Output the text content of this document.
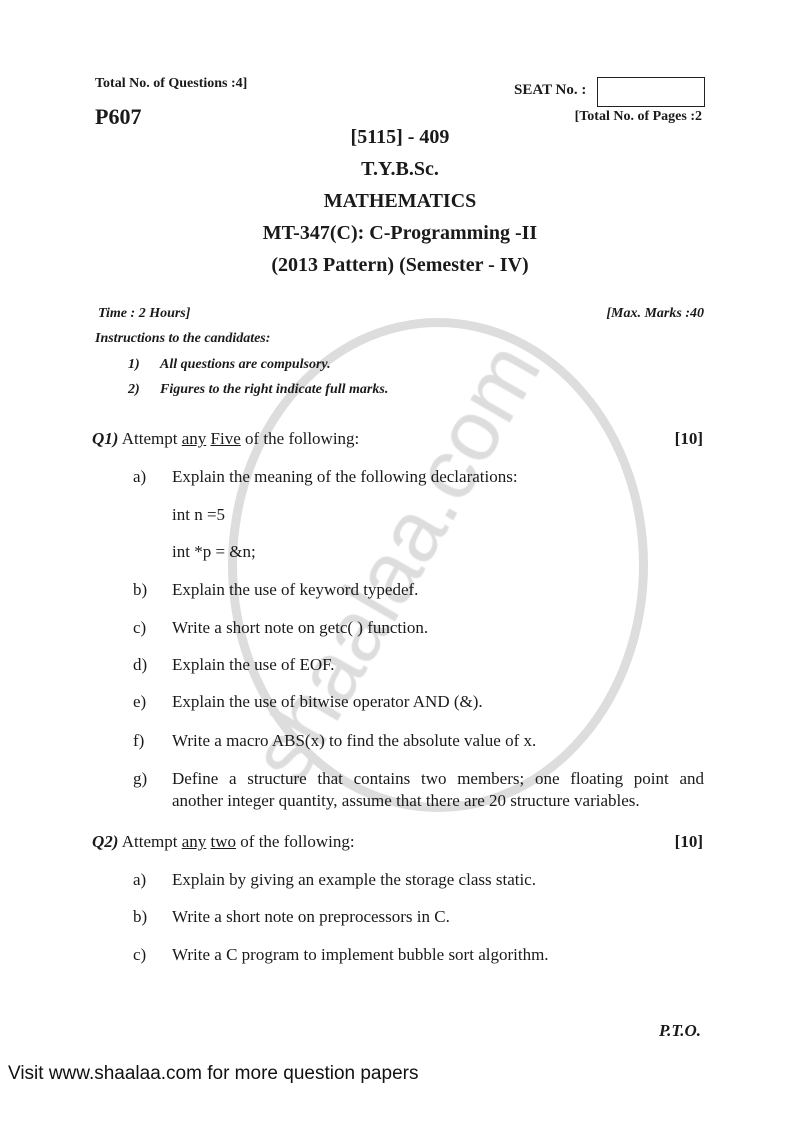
Total No. of Questions :4]
P607
SEAT No. :
[Total No. of Pages :2
[5115] - 409
T.Y.B.Sc.
MATHEMATICS
MT-347(C): C-Programming -II
(2013 Pattern) (Semester - IV)
Time : 2 Hours]	[Max. Marks :40
Instructions to the candidates:
1) All questions are compulsory.
2) Figures to the right indicate full marks.
Q1) Attempt any Five of the following:	[10]
a) Explain the meaning of the following declarations:
int n =5
int *p = &n;
b) Explain the use of keyword typedef.
c) Write a short note on getc( ) function.
d) Explain the use of EOF.
e) Explain the use of bitwise operator AND (&).
f) Write a macro ABS(x) to find the absolute value of x.
g) Define a structure that contains two members; one floating point and
another integer quantity, assume that there are 20 structure variables.
Q2) Attempt any two of the following:	[10]
a) Explain by giving an example the storage class static.
b) Write a short note on preprocessors in C.
c) Write a C program to implement bubble sort algorithm.
P.T.O.
Visit www.shaalaa.com for more question papers
